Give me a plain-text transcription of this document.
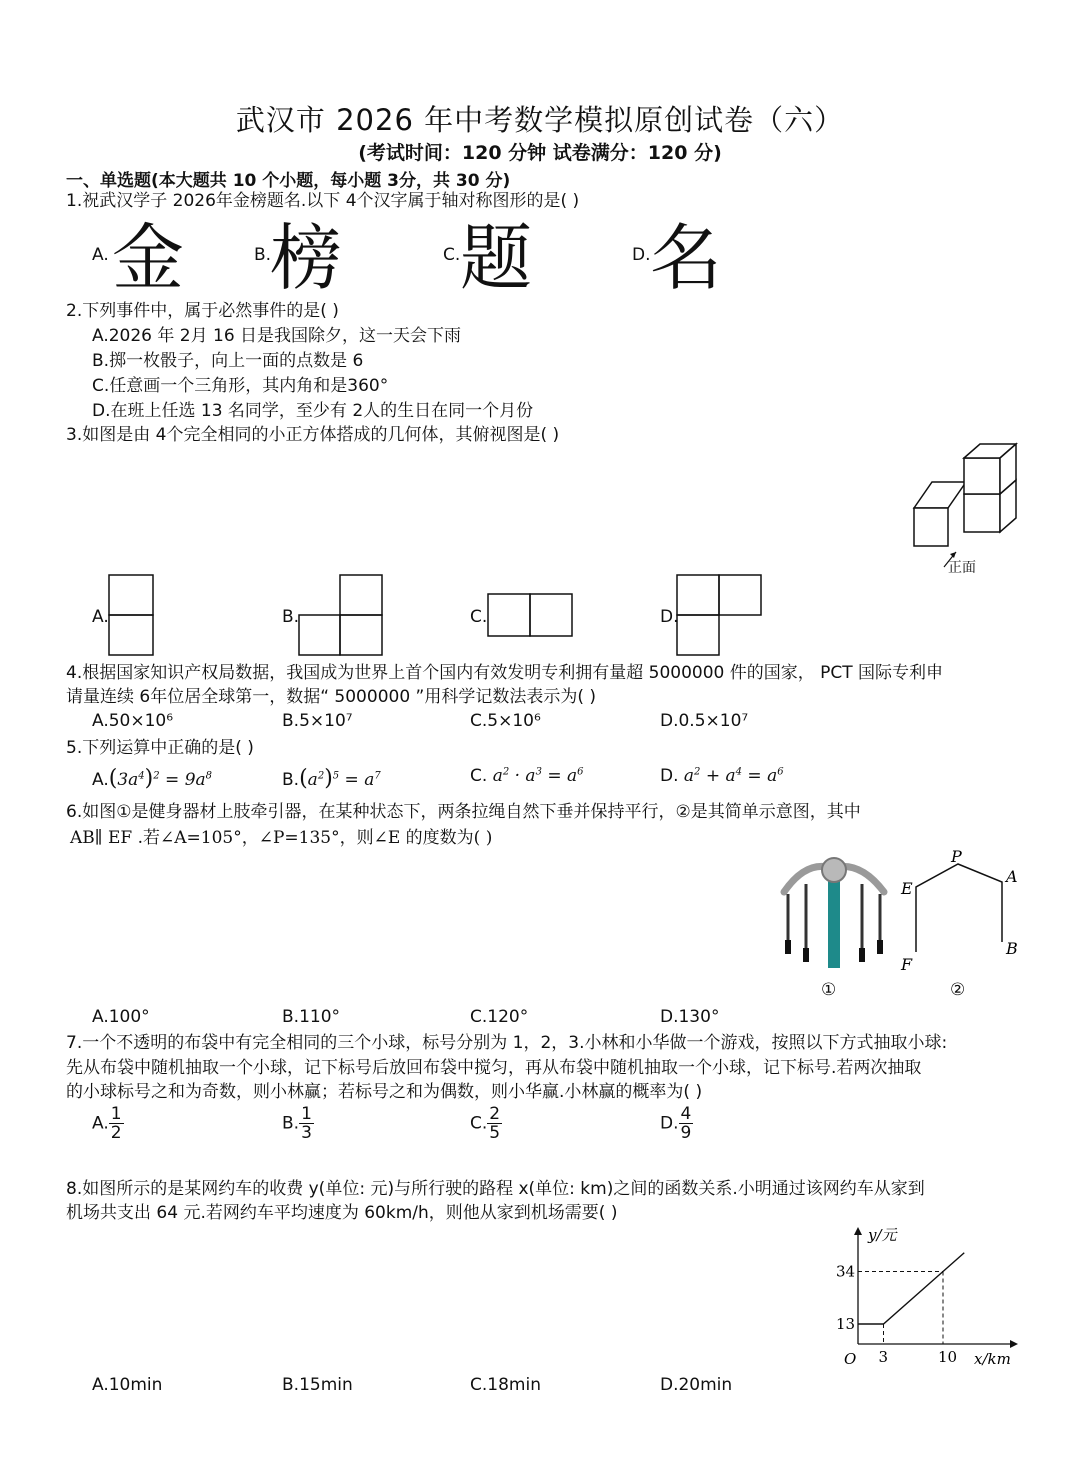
武汉市 2026 年中考数学模拟原创试卷（六）
(考试时间：120 分钟 试卷满分：120 分)
一、单选题(本大题共 10 个小题，每小题 3分，共 30 分)
1.祝武汉学子 2026年金榜题名.以下 4个汉字属于轴对称图形的是( )
A. 金	B.
榜	C. 题	D. 名
2.下列事件中，属于必然事件的是( )
A.2026 年 2月 16 日是我国除夕，这一天会下雨
B.掷一枚骰子，向上一面的点数是 6
C.任意画一个三角形，其内角和是360°
D.在班上任选 13 名同学，至少有 2人的生日在同一个月份
3.如图是由 4个完全相同的小正方体搭成的几何体，其俯视图是( )
正面
A.	B.	C.	D.
4.根据国家知识产权局数据，我国成为世界上首个国内有效发明专利拥有量超 5000000 件的国家， PCT 国际专利申
请量连续 6年位居全球第一，数据“ 5000000 ”用科学记数法表示为( )
A.50×10⁶	B.5×10⁷	C.5×10⁶	D.0.5×10⁷
5.下列运算中正确的是( )
$A.(3a^4)^2 = 9a^8$	$B.(a^2)^5 = a^7$	C. $a^2 \cdot a^3 = a^6$	D. $a^2 + a^4 = a^6$
6.如图①是健身器材上肢牵引器，在某种状态下，两条拉绳自然下垂并保持平行，②是其简单示意图，其中
AB∥ EF .若∠A=105°，∠P=135°，则∠E 的度数为( )
P
A
E
F
B
①	②
A.100°	B.110°	C.120°	D.130°
7.一个不透明的布袋中有完全相同的三个小球，标号分别为 1，2，3.小林和小华做一个游戏，按照以下方式抽取小球:
先从布袋中随机抽取一个小球，记下标号后放回布袋中搅匀，再从布袋中随机抽取一个小球，记下标号.若两次抽取
的小球标号之和为奇数，则小林赢；若标号之和为偶数，则小华赢.小林赢的概率为( )
A. $\frac{1}{2}$	B. $\frac{1}{3}$	C. $\frac{2}{5}$	D. $\frac{4}{9}$
8.如图所示的是某网约车的收费 y(单位: 元)与所行驶的路程 x(单位: km)之间的函数关系.小明通过该网约车从家到
机场共支出 64 元.若网约车平均速度为 60km/h，则他从家到机场需要( )
3	10
13
34
y/元
x/km
O
A.10min	B.15min	C.18min	D.20min
